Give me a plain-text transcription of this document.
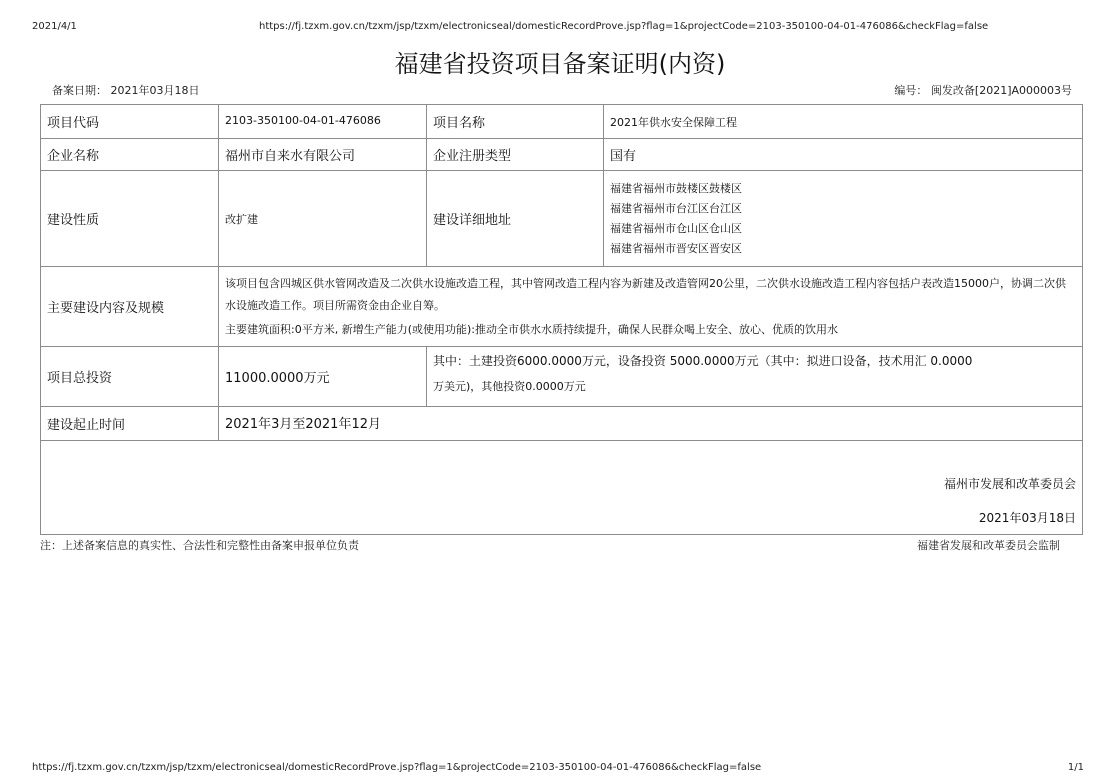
2021/4/1	https://fj.tzxm.gov.cn/tzxm/jsp/tzxm/electronicseal/domesticRecordProve.jsp?flag=1&projectCode=2103-350100-04-01-476086&checkFlag=false
福建省投资项目备案证明(内资)
备案日期： 2021年03月18日	编号： 闽发改备[2021]A000003号
项目代码	2103-350100-04-01-476086	项目名称	2021年供水安全保障工程
企业名称	福州市自来水有限公司	企业注册类型	国有
建设性质	改扩建	建设详细地址	福建省福州市鼓楼区鼓楼区
福建省福州市台江区台江区
福建省福州市仓山区仓山区
福建省福州市晋安区晋安区

主要建设内容及规模	该项目包含四城区供水管网改造及二次供水设施改造工程，其中管网改造工程内容为新建及改造管网20公里，二次供水设施改造工程内容包括户表改造15000户，协调二次供水设施改造工作。项目所需资金由企业自筹。

主要建筑面积:0平方米, 新增生产能力(或使用功能):推动全市供水水质持续提升，确保人民群众喝上安全、放心、优质的饮用水		

项目总投资	11000.0000万元	其中：土建投资6000.0000万元，设备投资 5000.0000万元（其中：拟进口设备，技术用汇 0.0000
万美元)，其他投资0.0000万元	

建设起止时间	2021年3月至2021年12月		

福州市发展和改革委员会
2021年03月18日			
注：上述备案信息的真实性、合法性和完整性由备案申报单位负责	福建省发展和改革委员会监制
https://fj.tzxm.gov.cn/tzxm/jsp/tzxm/electronicseal/domesticRecordProve.jsp?flag=1&projectCode=2103-350100-04-01-476086&checkFlag=false	1/1
